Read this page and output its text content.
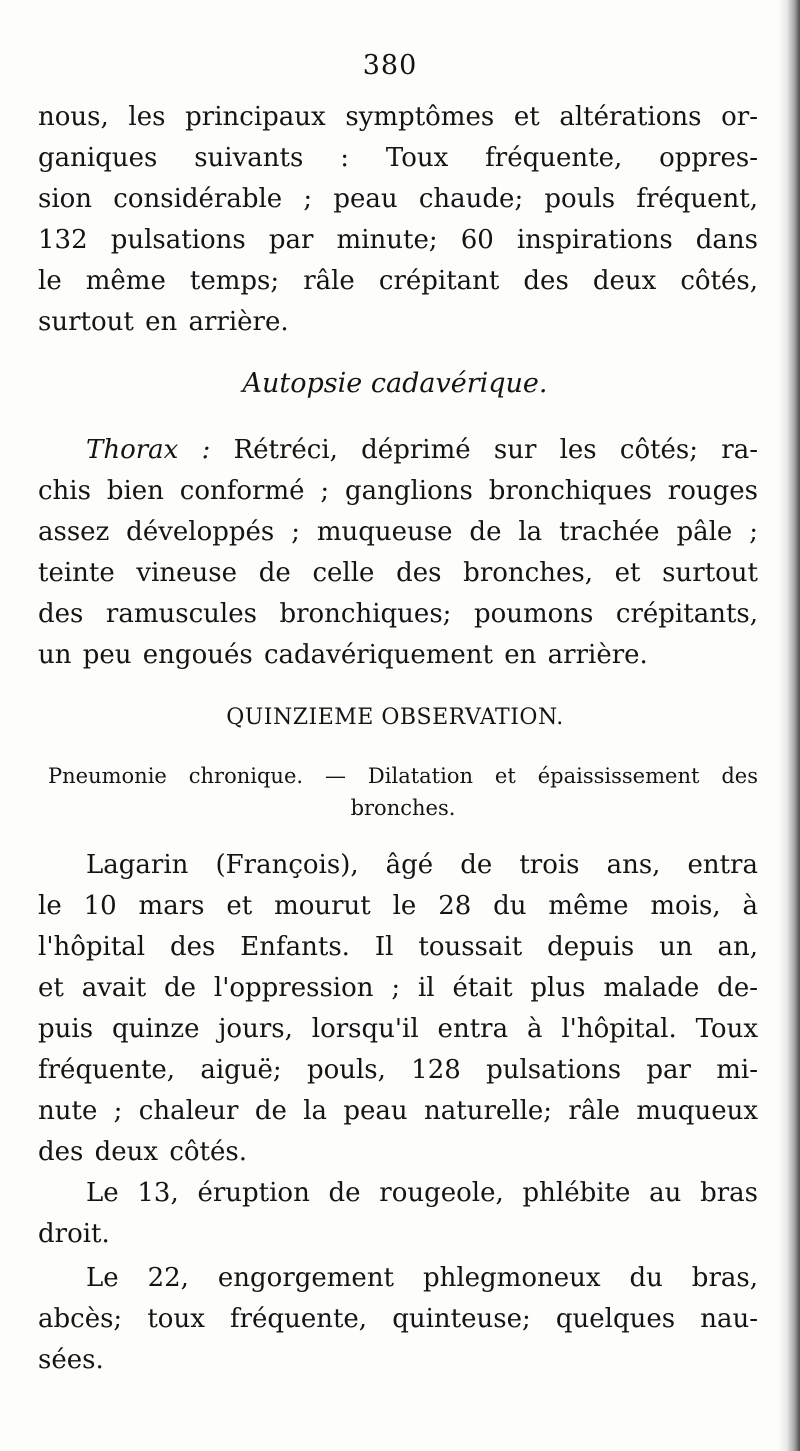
380
nous, les principaux symptômes et altérations or-
ganiques suivants : Toux fréquente, oppres-
sion considérable ; peau chaude; pouls fréquent,
132 pulsations par minute; 60 inspirations dans
le même temps; râle crépitant des deux côtés,
surtout en arrière.
Autopsie cadavérique.
Thorax : Rétréci, déprimé sur les côtés; ra-
chis bien conformé ; ganglions bronchiques rouges
assez développés ; muqueuse de la trachée pâle ;
teinte vineuse de celle des bronches, et surtout
des ramuscules bronchiques; poumons crépitants,
un peu engoués cadavériquement en arrière.
QUINZIEME OBSERVATION.
Pneumonie chronique. — Dilatation et épaississement des
bronches.
Lagarin (François), âgé de trois ans, entra
le 10 mars et mourut le 28 du même mois, à
l'hôpital des Enfants. Il toussait depuis un an,
et avait de l'oppression ; il était plus malade de-
puis quinze jours, lorsqu'il entra à l'hôpital. Toux
fréquente, aiguë; pouls, 128 pulsations par mi-
nute ; chaleur de la peau naturelle; râle muqueux
des deux côtés.
Le 13, éruption de rougeole, phlébite au bras
droit.
Le 22, engorgement phlegmoneux du bras,
abcès; toux fréquente, quinteuse; quelques nau-
sées.
